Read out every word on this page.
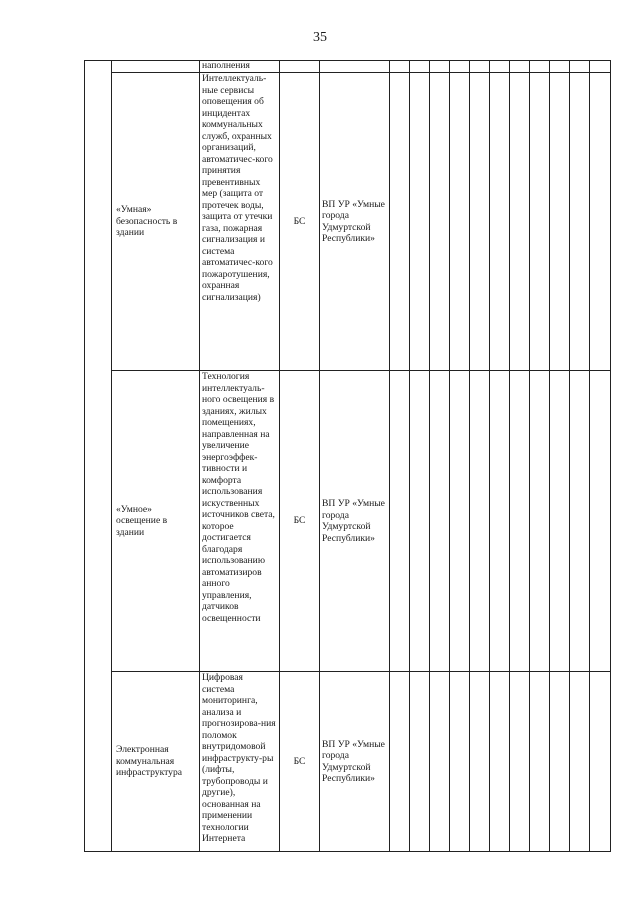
35
		наполнения													
	«Умная» безопасность в здании	Интеллектуаль-ные сервисы оповещения об инцидентах коммунальных служб, охранных организаций, автоматичес-кого принятия превентивных мер (защита от протечек воды, защита от утечки газа, пожарная сигнализация и система автоматичес-кого пожаротушения, охранная сигнализация)	БС	ВП УР «Умные города Удмуртской Республики»											
	«Умное» освещение в здании	Технология интеллектуаль-ного освещения в зданиях, жилых помещениях, направленная на увеличение энергоэффек-тивности и комфорта использования искуственных источников света, которое достигается благодаря использованию автоматизиров анного управления, датчиков освещенности	БС	ВП УР «Умные города Удмуртской Республики»											
	Электронная коммунальная инфраструктура	Цифровая система мониторинга, анализа и прогнозирова-ния поломок внутридомовой инфраструкту-ры (лифты, трубопроводы и другие), основанная на применении технологии Интернета	БС	ВП УР «Умные города Удмуртской Республики»											
